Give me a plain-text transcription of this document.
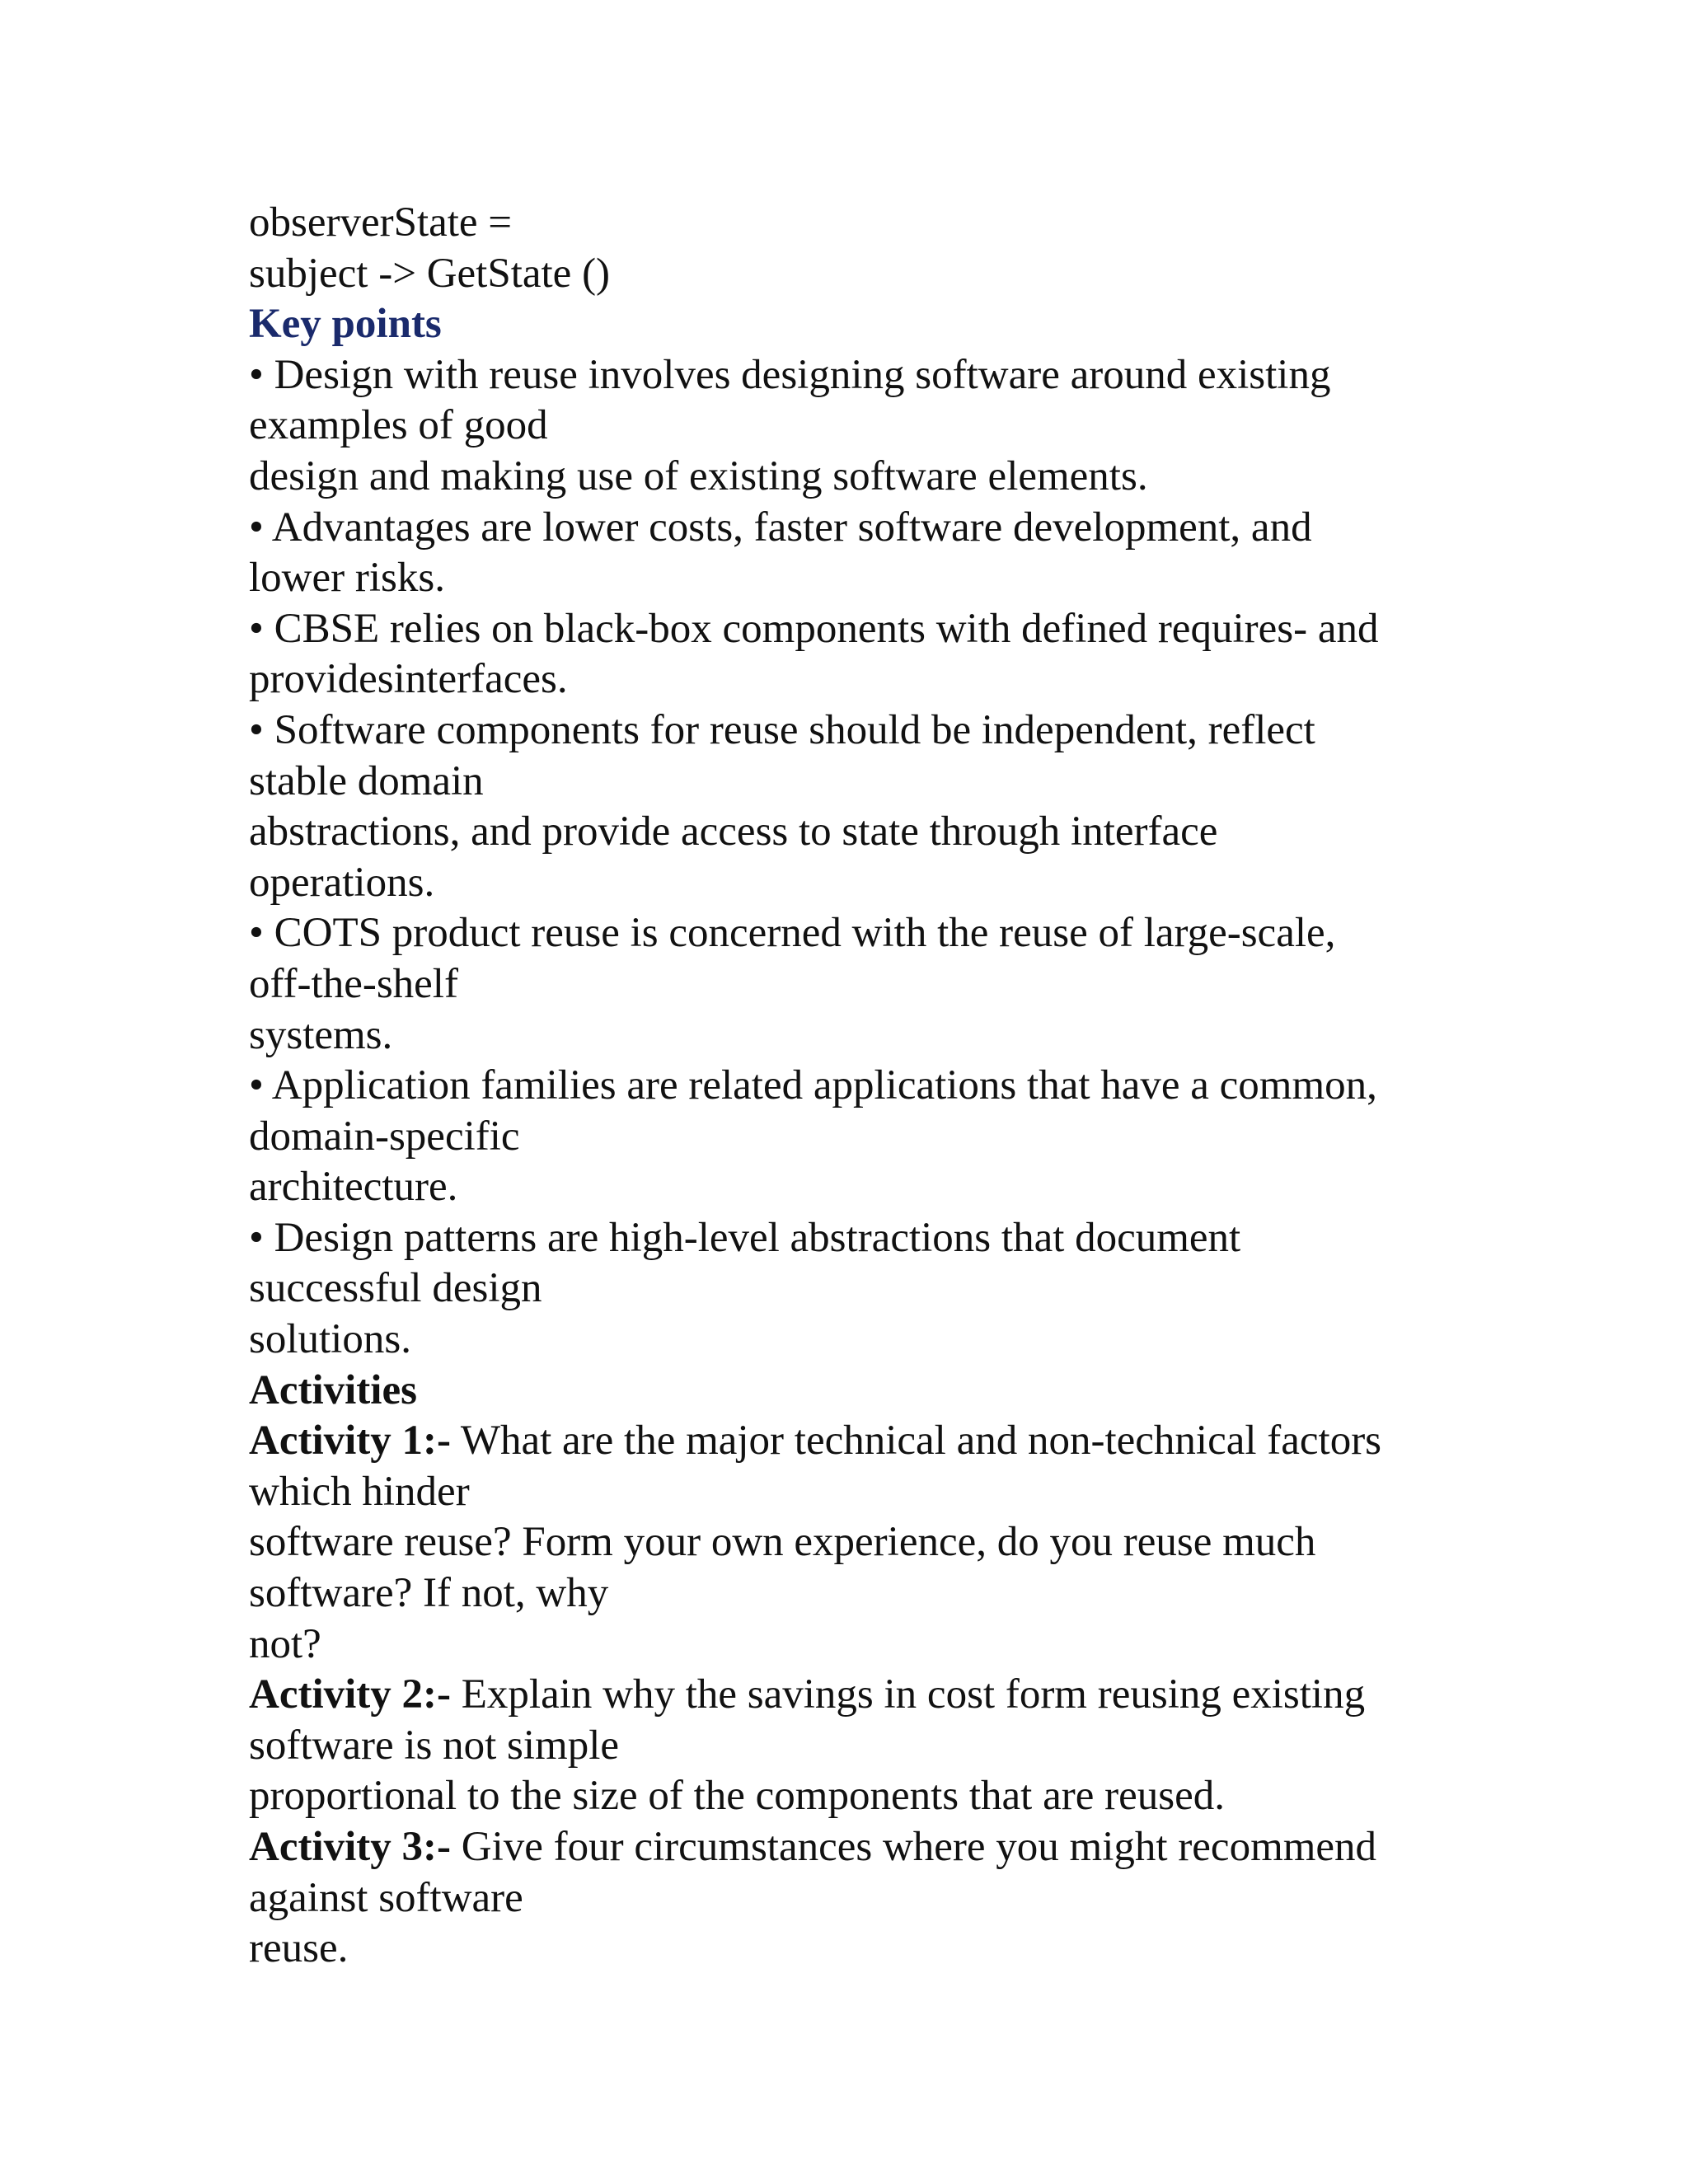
observerState =
subject -> GetState ()
Key points
• Design with reuse involves designing software around existing
examples of good
design and making use of existing software elements.
• Advantages are lower costs, faster software development, and
lower risks.
• CBSE relies on black-box components with defined requires- and
providesinterfaces.
• Software components for reuse should be independent, reflect
stable domain
abstractions, and provide access to state through interface
operations.
• COTS product reuse is concerned with the reuse of large-scale,
off-the-shelf
systems.
• Application families are related applications that have a common,
domain-specific
architecture.
• Design patterns are high-level abstractions that document
successful design
solutions.
Activities
Activity 1:- What are the major technical and non-technical factors
which hinder
software reuse? Form your own experience, do you reuse much
software? If not, why
not?
Activity 2:- Explain why the savings in cost form reusing existing
software is not simple
proportional to the size of the components that are reused.
Activity 3:- Give four circumstances where you might recommend
against software
reuse.
